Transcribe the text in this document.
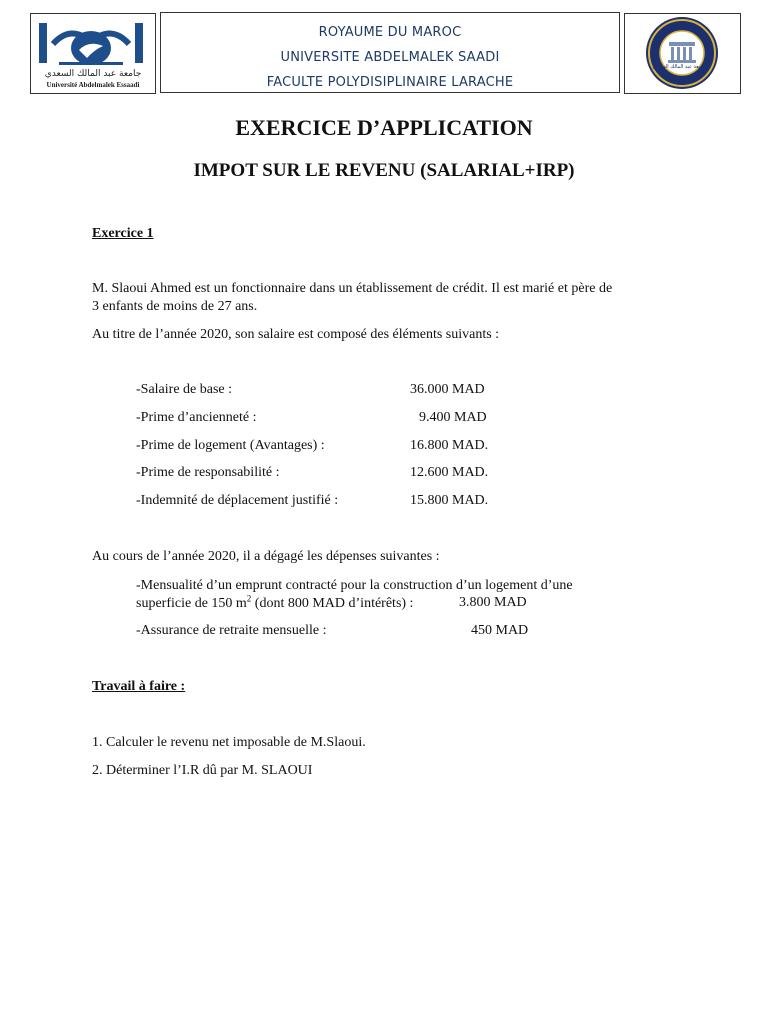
جامعة عبد المالك السعدي
Université Abdelmalek Essaadi
ROYAUME DU MAROC
UNIVERSITE ABDELMALEK SAADI
FACULTE POLYDISIPLINAIRE LARACHE
جامعة عبد المالك السعدي
EXERCICE D’APPLICATION
IMPOT SUR LE REVENU (SALARIAL+IRP)
Exercice 1
M. Slaoui Ahmed est un fonctionnaire dans un établissement de crédit. Il est marié et père de
3 enfants de moins de 27 ans.
Au titre de l’année 2020, son salaire est composé des éléments suivants :
-Salaire de base :	36.000 MAD
-Prime d’ancienneté :	9.400 MAD
-Prime de logement (Avantages) :	16.800 MAD.
-Prime de responsabilité :	12.600 MAD.
-Indemnité de déplacement justifié :	15.800 MAD.
Au cours de l’année 2020, il a dégagé les dépenses suivantes :
-Mensualité d’un emprunt contracté pour la construction d’un logement d’une
superficie de 150 $m^2$ (dont 800 MAD d’intérêts) :	3.800 MAD
-Assurance de retraite mensuelle :	450 MAD
Travail à faire :
1. Calculer le revenu net imposable de M.Slaoui.
2. Déterminer l’I.R dû par M. SLAOUI
